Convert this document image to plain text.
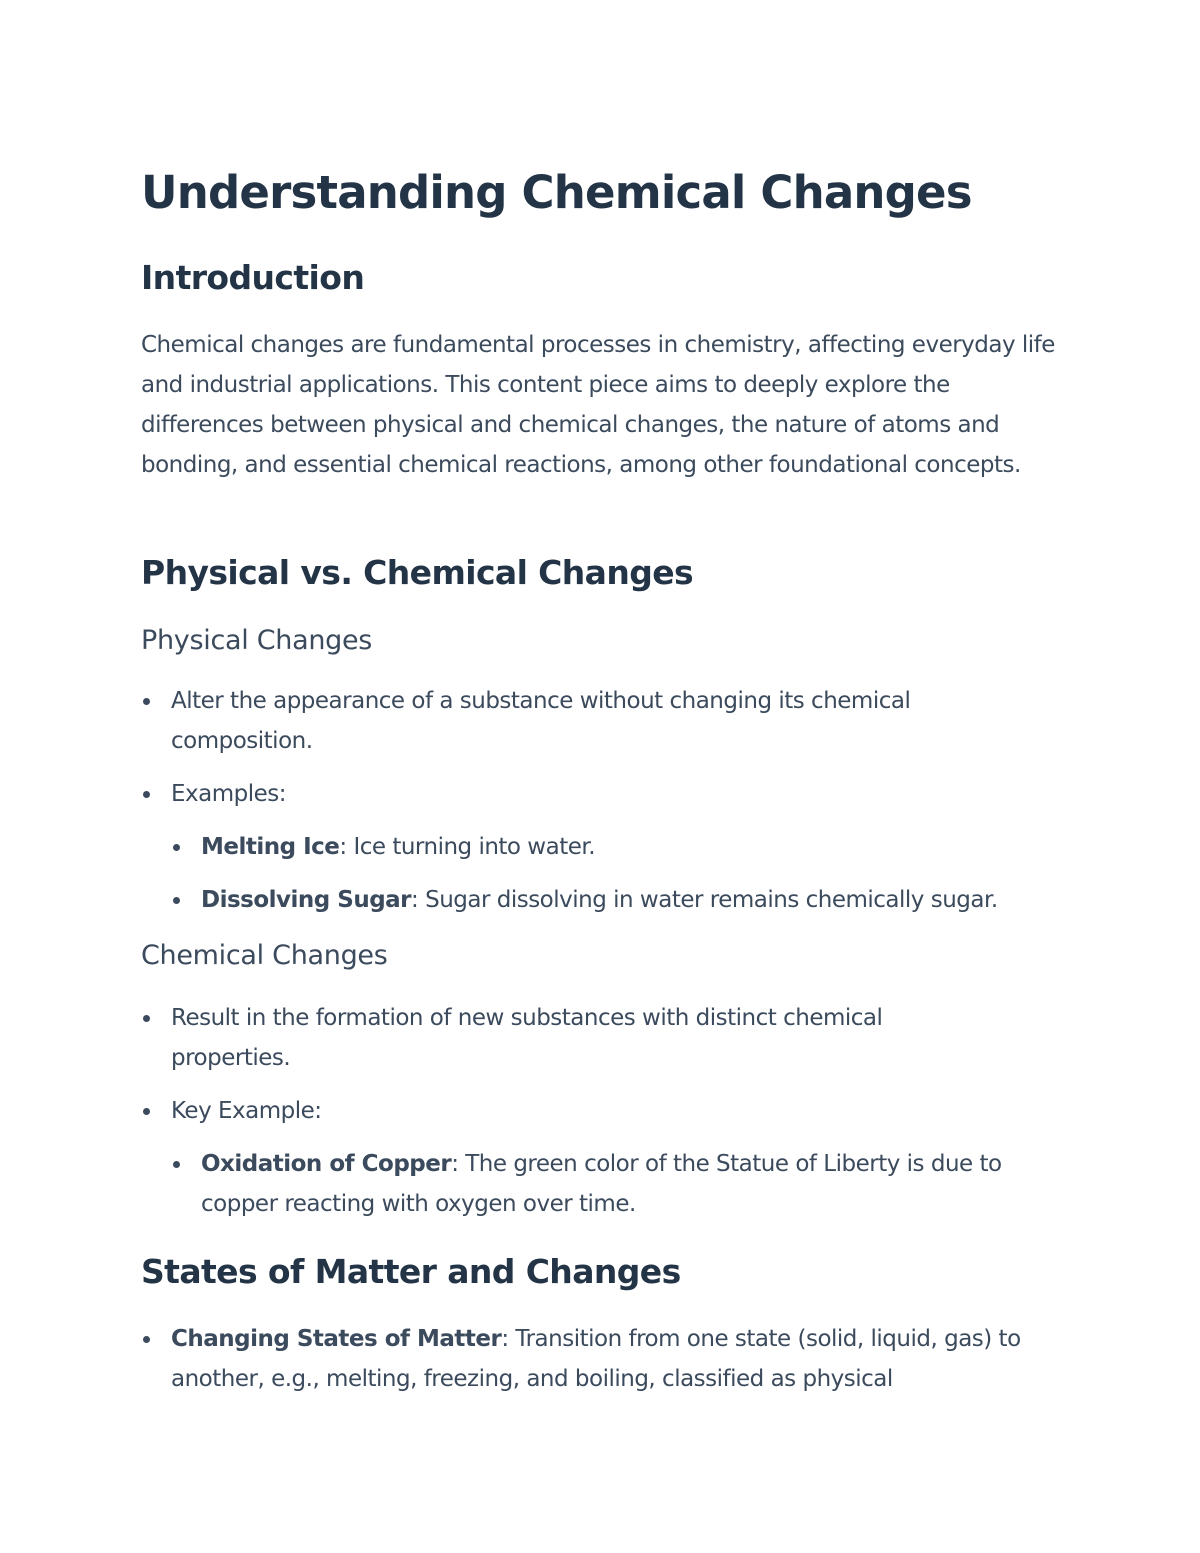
Understanding Chemical Changes
Introduction

Chemical changes are fundamental processes in chemistry, affecting everyday life and industrial applications. This content piece aims to deeply explore the differences between physical and chemical changes, the nature of atoms and bonding, and essential chemical reactions, among other foundational concepts.

Physical vs. Chemical Changes
Physical Changes
Alter the appearance of a substance without changing its chemical composition.
Examples:
Melting Ice: Ice turning into water.
Dissolving Sugar: Sugar dissolving in water remains chemically sugar.
Chemical Changes
Result in the formation of new substances with distinct chemical properties.
Key Example:
Oxidation of Copper: The green color of the Statue of Liberty is due to copper reacting with oxygen over time.
States of Matter and Changes
Changing States of Matter: Transition from one state (solid, liquid, gas) to another, e.g., melting, freezing, and boiling, classified as physical
